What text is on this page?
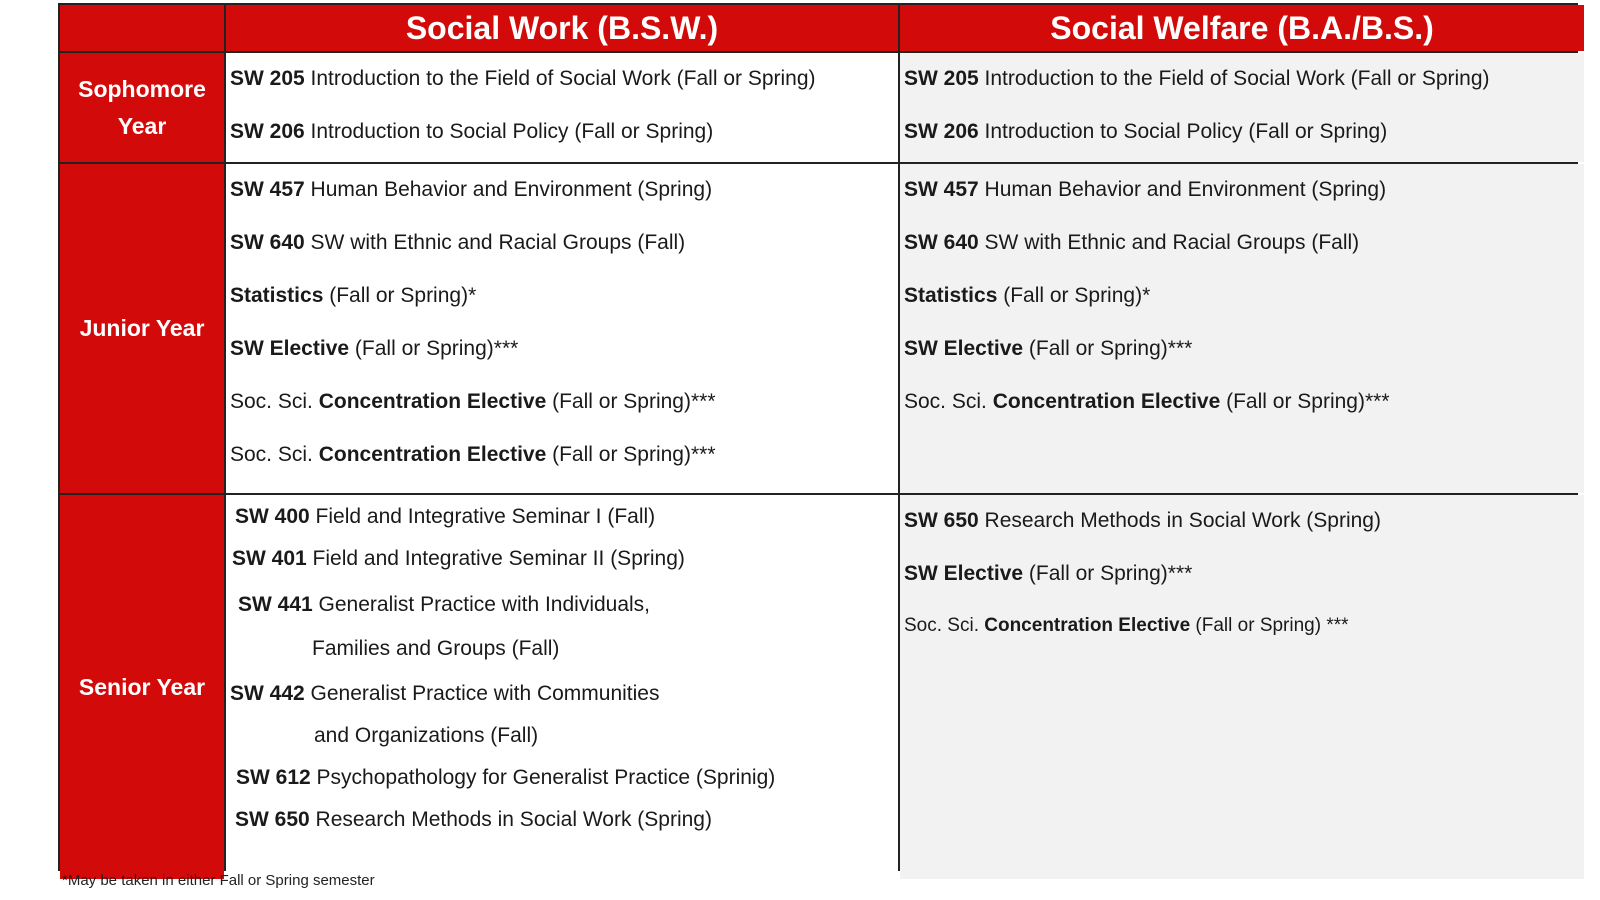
Social Work (B.S.W.)	Social Welfare (B.A./B.S.)
Sophomore Year
SW 205 Introduction to the Field of Social Work (Fall or Spring)
SW 206 Introduction to Social Policy (Fall or Spring)
SW 205 Introduction to the Field of Social Work (Fall or Spring)
SW 206 Introduction to Social Policy (Fall or Spring)
Junior Year
SW 457 Human Behavior and Environment (Spring)
SW 640 SW with Ethnic and Racial Groups (Fall)
Statistics (Fall or Spring)*
SW Elective (Fall or Spring)***
Soc. Sci. Concentration Elective (Fall or Spring)***
Soc. Sci. Concentration Elective (Fall or Spring)***
SW 457 Human Behavior and Environment (Spring)
SW 640 SW with Ethnic and Racial Groups (Fall)
Statistics (Fall or Spring)*
SW Elective (Fall or Spring)***
Soc. Sci. Concentration Elective (Fall or Spring)***
Senior Year
SW 400 Field and Integrative Seminar I (Fall)
SW 401 Field and Integrative Seminar II (Spring)
SW 441 Generalist Practice with Individuals,
Families and Groups (Fall)
SW 442 Generalist Practice with Communities
and Organizations (Fall)
SW 612 Psychopathology for Generalist Practice (Sprinig)
SW 650 Research Methods in Social Work (Spring)
SW 650 Research Methods in Social Work (Spring)
SW Elective (Fall or Spring)***
Soc. Sci. Concentration Elective (Fall or Spring) ***
*May be taken in either Fall or Spring semester
